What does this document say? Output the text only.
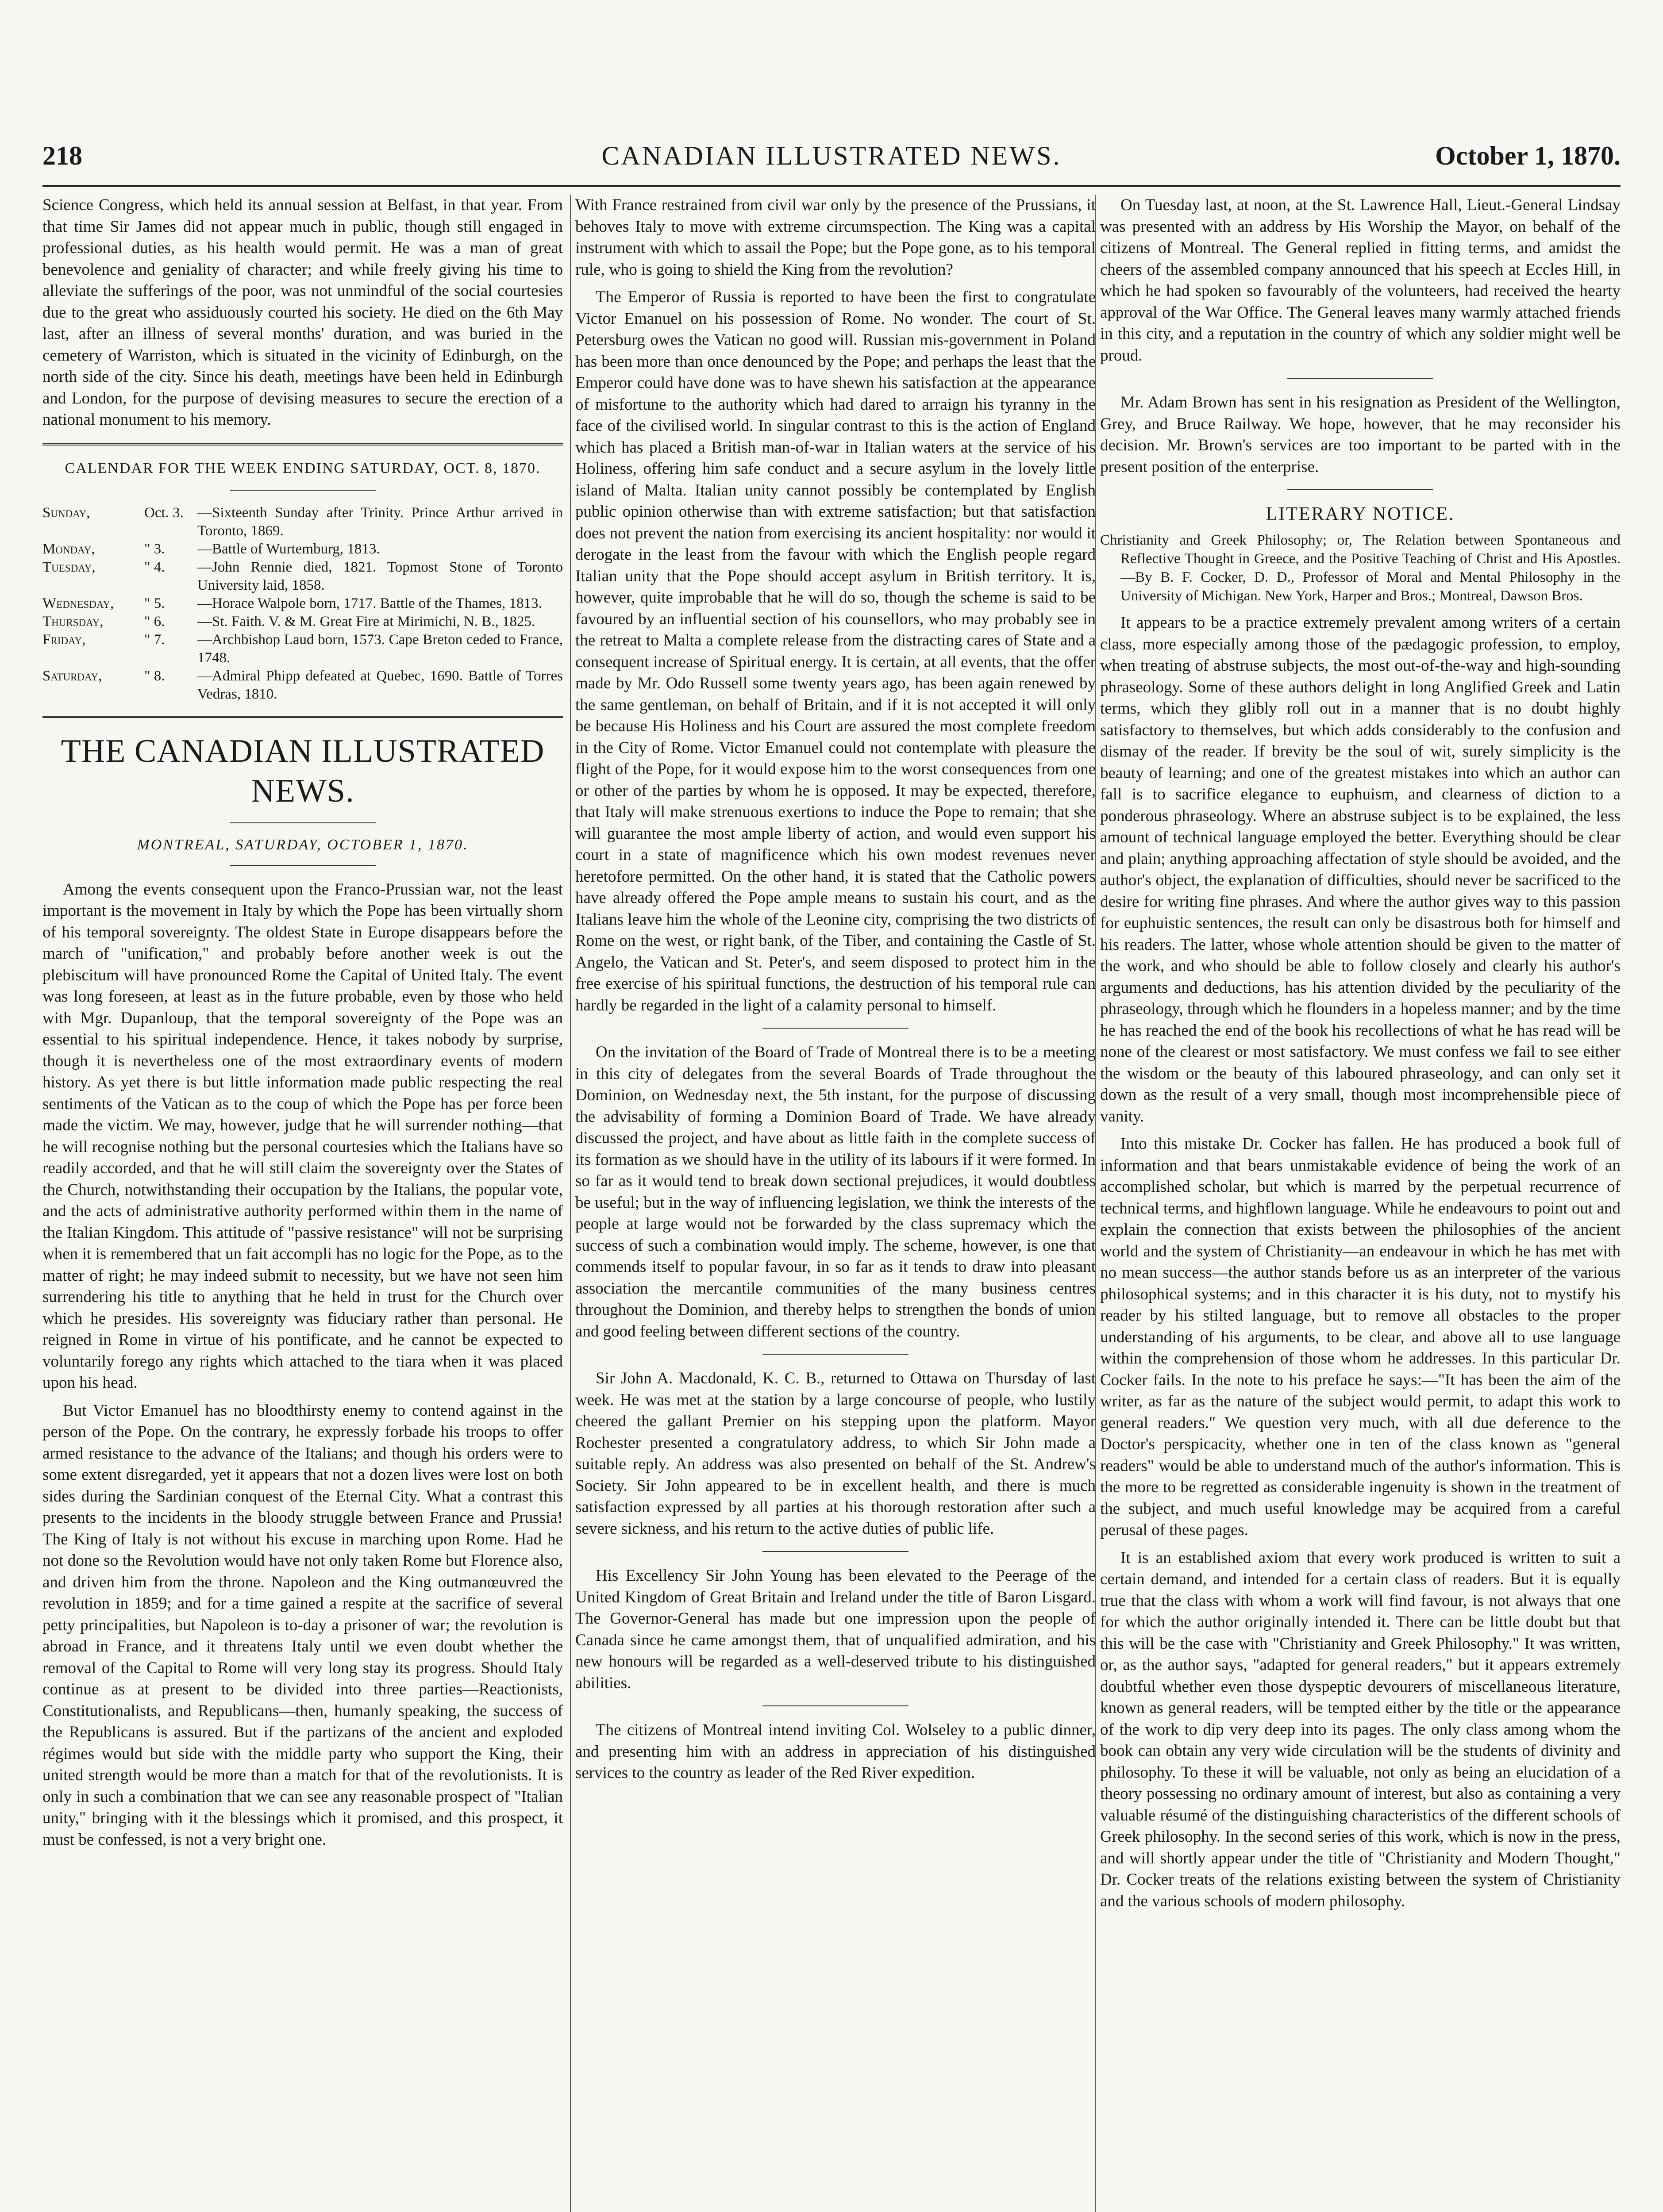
218	CANADIAN ILLUSTRATED NEWS.	October 1, 1870.

Science Congress, which held its annual session at Belfast, in that year. From that time Sir James did not appear much in public, though still engaged in professional duties, as his health would permit. He was a man of great benevolence and geniality of character; and while freely giving his time to alleviate the sufferings of the poor, was not unmindful of the social courtesies due to the great who assiduously courted his society. He died on the 6th May last, after an illness of several months' duration, and was buried in the cemetery of Warriston, which is situated in the vicinity of Edinburgh, on the north side of the city. Since his death, meetings have been held in Edinburgh and London, for the purpose of devising measures to secure the erection of a national monument to his memory.

CALENDAR FOR THE WEEK ENDING SATURDAY, OCT. 8, 1870.
Sunday,	Oct. 3. —Sixteenth Sunday after Trinity. Prince Arthur arrived in Toronto, 1869.
Monday,	" 3.	—Battle of Wurtemburg, 1813.
Tuesday,	" 4.	—John Rennie died, 1821. Topmost Stone of Toronto University laid, 1858.
Wednesday,	" 5.	—Horace Walpole born, 1717. Battle of the Thames, 1813.
Thursday,	" 6.	—St. Faith. V. & M. Great Fire at Mirimichi, N. B., 1825.
Friday,	" 7.	—Archbishop Laud born, 1573. Cape Breton ceded to France, 1748.
Saturday,	" 8.	—Admiral Phipp defeated at Quebec, 1690. Battle of Torres Vedras, 1810.
THE CANADIAN ILLUSTRATED NEWS.
MONTREAL, SATURDAY, OCTOBER 1, 1870.

Among the events consequent upon the Franco-Prussian war, not the least important is the movement in Italy by which the Pope has been virtually shorn of his temporal sovereignty. The oldest State in Europe disappears before the march of "unification," and probably before another week is out the plebiscitum will have pronounced Rome the Capital of United Italy. The event was long foreseen, at least as in the future probable, even by those who held with Mgr. Dupanloup, that the temporal sovereignty of the Pope was an essential to his spiritual independence. Hence, it takes nobody by surprise, though it is nevertheless one of the most extraordinary events of modern history. As yet there is but little information made public respecting the real sentiments of the Vatican as to the coup of which the Pope has per force been made the victim. We may, however, judge that he will surrender nothing—that he will recognise nothing but the personal courtesies which the Italians have so readily accorded, and that he will still claim the sovereignty over the States of the Church, notwithstanding their occupation by the Italians, the popular vote, and the acts of administrative authority performed within them in the name of the Italian Kingdom. This attitude of "passive resistance" will not be surprising when it is remembered that un fait accompli has no logic for the Pope, as to the matter of right; he may indeed submit to necessity, but we have not seen him surrendering his title to anything that he held in trust for the Church over which he presides. His sovereignty was fiduciary rather than personal. He reigned in Rome in virtue of his pontificate, and he cannot be expected to voluntarily forego any rights which attached to the tiara when it was placed upon his head.

But Victor Emanuel has no bloodthirsty enemy to contend against in the person of the Pope. On the contrary, he expressly forbade his troops to offer armed resistance to the advance of the Italians; and though his orders were to some extent disregarded, yet it appears that not a dozen lives were lost on both sides during the Sardinian conquest of the Eternal City. What a contrast this presents to the incidents in the bloody struggle between France and Prussia! The King of Italy is not without his excuse in marching upon Rome. Had he not done so the Revolution would have not only taken Rome but Florence also, and driven him from the throne. Napoleon and the King outmanœuvred the revolution in 1859; and for a time gained a respite at the sacrifice of several petty principalities, but Napoleon is to-day a prisoner of war; the revolution is abroad in France, and it threatens Italy until we even doubt whether the removal of the Capital to Rome will very long stay its progress. Should Italy continue as at present to be divided into three parties—Reactionists, Constitutionalists, and Republicans—then, humanly speaking, the success of the Republicans is assured. But if the partizans of the ancient and exploded régimes would but side with the middle party who support the King, their united strength would be more than a match for that of the revolutionists. It is only in such a combination that we can see any reasonable prospect of "Italian unity," bringing with it the blessings which it promised, and this prospect, it must be confessed, is not a very bright one.

With France restrained from civil war only by the presence of the Prussians, it behoves Italy to move with extreme circumspection. The King was a capital instrument with which to assail the Pope; but the Pope gone, as to his temporal rule, who is going to shield the King from the revolution?

The Emperor of Russia is reported to have been the first to congratulate Victor Emanuel on his possession of Rome. No wonder. The court of St. Petersburg owes the Vatican no good will. Russian mis-government in Poland has been more than once denounced by the Pope; and perhaps the least that the Emperor could have done was to have shewn his satisfaction at the appearance of misfortune to the authority which had dared to arraign his tyranny in the face of the civilised world. In singular contrast to this is the action of England which has placed a British man-of-war in Italian waters at the service of his Holiness, offering him safe conduct and a secure asylum in the lovely little island of Malta. Italian unity cannot possibly be contemplated by English public opinion otherwise than with extreme satisfaction; but that satisfaction does not prevent the nation from exercising its ancient hospitality: nor would it derogate in the least from the favour with which the English people regard Italian unity that the Pope should accept asylum in British territory. It is, however, quite improbable that he will do so, though the scheme is said to be favoured by an influential section of his counsellors, who may probably see in the retreat to Malta a complete release from the distracting cares of State and a consequent increase of Spiritual energy. It is certain, at all events, that the offer made by Mr. Odo Russell some twenty years ago, has been again renewed by the same gentleman, on behalf of Britain, and if it is not accepted it will only be because His Holiness and his Court are assured the most complete freedom in the City of Rome. Victor Emanuel could not contemplate with pleasure the flight of the Pope, for it would expose him to the worst consequences from one or other of the parties by whom he is opposed. It may be expected, therefore, that Italy will make strenuous exertions to induce the Pope to remain; that she will guarantee the most ample liberty of action, and would even support his court in a state of magnificence which his own modest revenues never heretofore permitted. On the other hand, it is stated that the Catholic powers have already offered the Pope ample means to sustain his court, and as the Italians leave him the whole of the Leonine city, comprising the two districts of Rome on the west, or right bank, of the Tiber, and containing the Castle of St. Angelo, the Vatican and St. Peter's, and seem disposed to protect him in the free exercise of his spiritual functions, the destruction of his temporal rule can hardly be regarded in the light of a calamity personal to himself.

On the invitation of the Board of Trade of Montreal there is to be a meeting in this city of delegates from the several Boards of Trade throughout the Dominion, on Wednesday next, the 5th instant, for the purpose of discussing the advisability of forming a Dominion Board of Trade. We have already discussed the project, and have about as little faith in the complete success of its formation as we should have in the utility of its labours if it were formed. In so far as it would tend to break down sectional prejudices, it would doubtless be useful; but in the way of influencing legislation, we think the interests of the people at large would not be forwarded by the class supremacy which the success of such a combination would imply. The scheme, however, is one that commends itself to popular favour, in so far as it tends to draw into pleasant association the mercantile communities of the many business centres throughout the Dominion, and thereby helps to strengthen the bonds of union and good feeling between different sections of the country.

Sir John A. Macdonald, K. C. B., returned to Ottawa on Thursday of last week. He was met at the station by a large concourse of people, who lustily cheered the gallant Premier on his stepping upon the platform. Mayor Rochester presented a congratulatory address, to which Sir John made a suitable reply. An address was also presented on behalf of the St. Andrew's Society. Sir John appeared to be in excellent health, and there is much satisfaction expressed by all parties at his thorough restoration after such a severe sickness, and his return to the active duties of public life.

His Excellency Sir John Young has been elevated to the Peerage of the United Kingdom of Great Britain and Ireland under the title of Baron Lisgard. The Governor-General has made but one impression upon the people of Canada since he came amongst them, that of unqualified admiration, and his new honours will be regarded as a well-deserved tribute to his distinguished abilities.

The citizens of Montreal intend inviting Col. Wolseley to a public dinner, and presenting him with an address in appreciation of his distinguished services to the country as leader of the Red River expedition.

On Tuesday last, at noon, at the St. Lawrence Hall, Lieut.-General Lindsay was presented with an address by His Worship the Mayor, on behalf of the citizens of Montreal. The General replied in fitting terms, and amidst the cheers of the assembled company announced that his speech at Eccles Hill, in which he had spoken so favourably of the volunteers, had received the hearty approval of the War Office. The General leaves many warmly attached friends in this city, and a reputation in the country of which any soldier might well be proud.

Mr. Adam Brown has sent in his resignation as President of the Wellington, Grey, and Bruce Railway. We hope, however, that he may reconsider his decision. Mr. Brown's services are too important to be parted with in the present position of the enterprise.

LITERARY NOTICE.
Christianity and Greek Philosophy; or, The Relation between Spontaneous and Reflective Thought in Greece, and the Positive Teaching of Christ and His Apostles.—By B. F. Cocker, D. D., Professor of Moral and Mental Philosophy in the University of Michigan. New York, Harper and Bros.; Montreal, Dawson Bros.

It appears to be a practice extremely prevalent among writers of a certain class, more especially among those of the pædagogic profession, to employ, when treating of abstruse subjects, the most out-of-the-way and high-sounding phraseology. Some of these authors delight in long Anglified Greek and Latin terms, which they glibly roll out in a manner that is no doubt highly satisfactory to themselves, but which adds considerably to the confusion and dismay of the reader. If brevity be the soul of wit, surely simplicity is the beauty of learning; and one of the greatest mistakes into which an author can fall is to sacrifice elegance to euphuism, and clearness of diction to a ponderous phraseology. Where an abstruse subject is to be explained, the less amount of technical language employed the better. Everything should be clear and plain; anything approaching affectation of style should be avoided, and the author's object, the explanation of difficulties, should never be sacrificed to the desire for writing fine phrases. And where the author gives way to this passion for euphuistic sentences, the result can only be disastrous both for himself and his readers. The latter, whose whole attention should be given to the matter of the work, and who should be able to follow closely and clearly his author's arguments and deductions, has his attention divided by the peculiarity of the phraseology, through which he flounders in a hopeless manner; and by the time he has reached the end of the book his recollections of what he has read will be none of the clearest or most satisfactory. We must confess we fail to see either the wisdom or the beauty of this laboured phraseology, and can only set it down as the result of a very small, though most incomprehensible piece of vanity.

Into this mistake Dr. Cocker has fallen. He has produced a book full of information and that bears unmistakable evidence of being the work of an accomplished scholar, but which is marred by the perpetual recurrence of technical terms, and highflown language. While he endeavours to point out and explain the connection that exists between the philosophies of the ancient world and the system of Christianity—an endeavour in which he has met with no mean success—the author stands before us as an interpreter of the various philosophical systems; and in this character it is his duty, not to mystify his reader by his stilted language, but to remove all obstacles to the proper understanding of his arguments, to be clear, and above all to use language within the comprehension of those whom he addresses. In this particular Dr. Cocker fails. In the note to his preface he says:—"It has been the aim of the writer, as far as the nature of the subject would permit, to adapt this work to general readers." We question very much, with all due deference to the Doctor's perspicacity, whether one in ten of the class known as "general readers" would be able to understand much of the author's information. This is the more to be regretted as considerable ingenuity is shown in the treatment of the subject, and much useful knowledge may be acquired from a careful perusal of these pages.

It is an established axiom that every work produced is written to suit a certain demand, and intended for a certain class of readers. But it is equally true that the class with whom a work will find favour, is not always that one for which the author originally intended it. There can be little doubt but that this will be the case with "Christianity and Greek Philosophy." It was written, or, as the author says, "adapted for general readers," but it appears extremely doubtful whether even those dyspeptic devourers of miscellaneous literature, known as general readers, will be tempted either by the title or the appearance of the work to dip very deep into its pages. The only class among whom the book can obtain any very wide circulation will be the students of divinity and philosophy. To these it will be valuable, not only as being an elucidation of a theory possessing no ordinary amount of interest, but also as containing a very valuable résumé of the distinguishing characteristics of the different schools of Greek philosophy. In the second series of this work, which is now in the press, and will shortly appear under the title of "Christianity and Modern Thought," Dr. Cocker treats of the relations existing between the system of Christianity and the various schools of modern philosophy.
